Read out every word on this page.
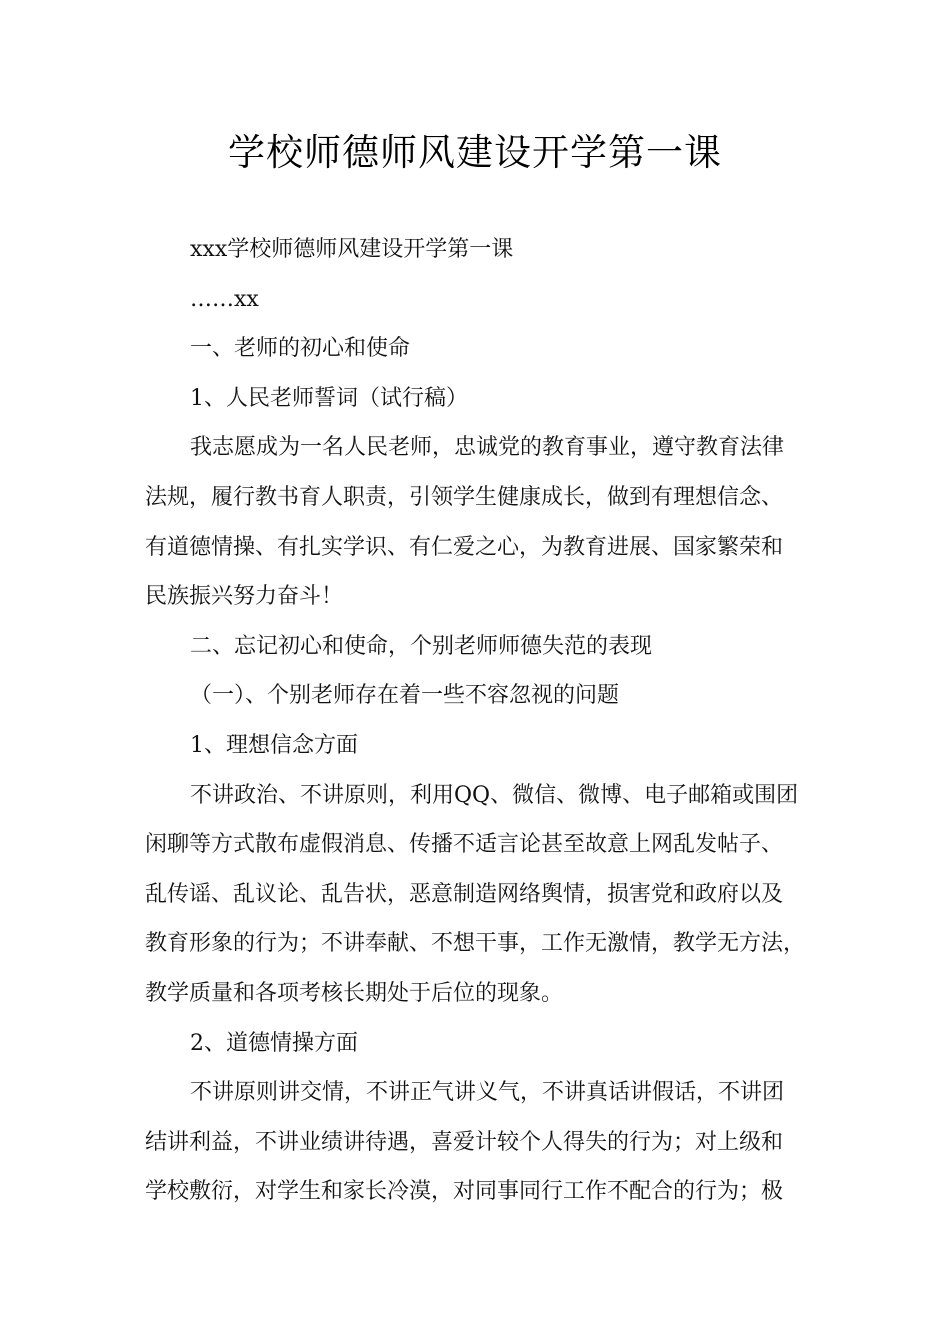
学校师德师风建设开学第一课

xxx学校师德师风建设开学第一课

……xx

一、老师的初心和使命

1、人民老师誓词（试行稿）

我志愿成为一名人民老师，忠诚党的教育事业，遵守教育法律

法规，履行教书育人职责，引领学生健康成长，做到有理想信念、

有道德情操、有扎实学识、有仁爱之心，为教育进展、国家繁荣和

民族振兴努力奋斗！

二、忘记初心和使命，个别老师师德失范的表现

（一）、个别老师存在着一些不容忽视的问题

1、理想信念方面

不讲政治、不讲原则，利用QQ、微信、微博、电子邮箱或围团

闲聊等方式散布虚假消息、传播不适言论甚至故意上网乱发帖子、

乱传谣、乱议论、乱告状，恶意制造网络舆情，损害党和政府以及

教育形象的行为；不讲奉献、不想干事，工作无激情，教学无方法，

教学质量和各项考核长期处于后位的现象。

2、道德情操方面

不讲原则讲交情，不讲正气讲义气，不讲真话讲假话，不讲团

结讲利益，不讲业绩讲待遇，喜爱计较个人得失的行为；对上级和

学校敷衍，对学生和家长冷漠，对同事同行工作不配合的行为；极
